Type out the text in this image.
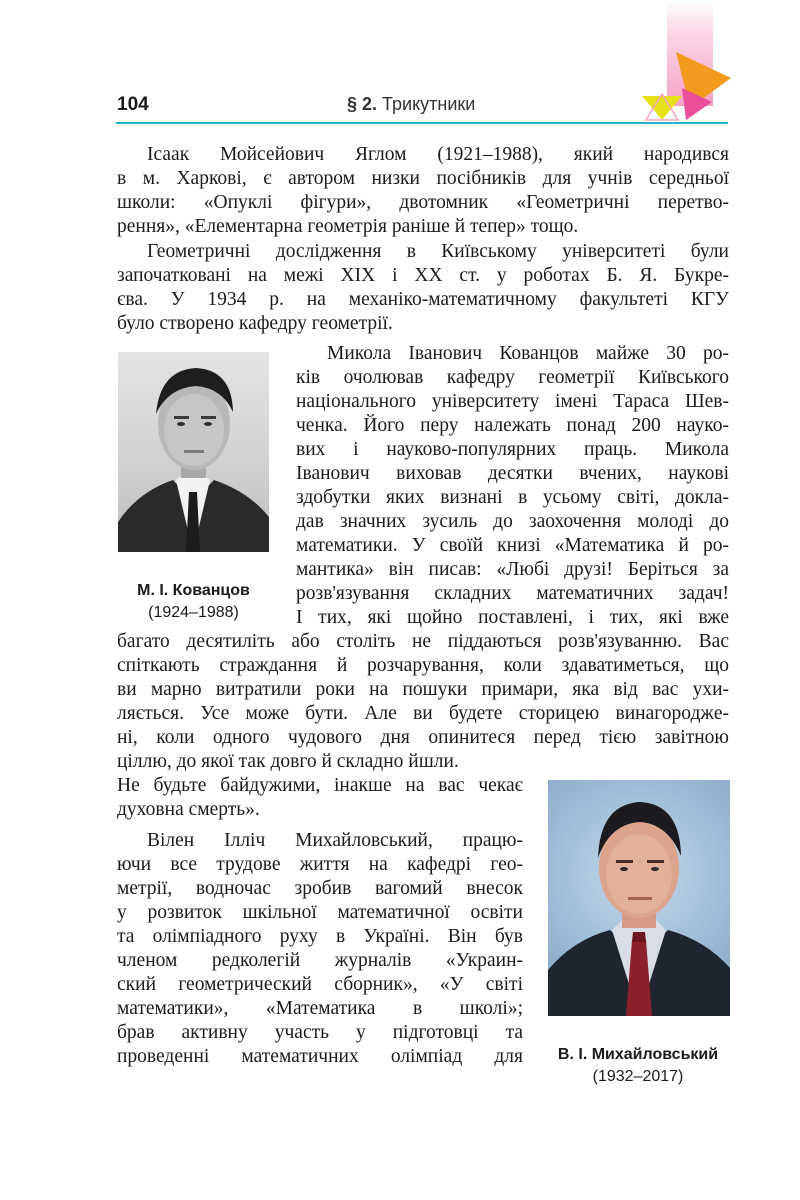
104	§ 2. Трикутники
Ісаак Мойсейович Яглом (1921–1988), який народився
в м. Харкові, є автором низки посібників для учнів середньої
школи: «Опуклі фігури», двотомник «Геометричні перетво-
рення», «Елементарна геометрія раніше й тепер» тощо.
Геометричні дослідження в Київському університеті були
започатковані на межі XIX і XX ст. у роботах Б. Я. Букре-
єва. У 1934 р. на механіко-математичному факультеті КГУ
було створено кафедру геометрії.
Микола Іванович Кованцов майже 30 ро-
ків очолював кафедру геометрії Київського
національного університету імені Тараса Шев-
ченка. Його перу належать понад 200 науко-
вих і науково-популярних праць. Микола
Іванович виховав десятки вчених, наукові
здобутки яких визнані в усьому світі, доклa-
дав значних зусиль до заохочення молоді до
математики. У своїй книзі «Математика й ро-
мантика» він писав: «Любі друзі! Беріться за
розв'язування складних математичних задач!
І тих, які щойно поставлені, і тих, які вже
багато десятиліть або століть не піддаються розв'язуванню. Вас
спіткають страждання й розчарування, коли здаватиметься, що
ви марно витратили роки на пошуки примари, яка від вас ухи-
ляється. Усе може бути. Але ви будете сторицею винагороджe-
ні, коли одного чудового дня опинитеся перед тією завітною
ціллю, до якої так довго й складно йшли.
Не будьте байдужими, інакше на вас чекає
духовна смерть».
Вілен Ілліч Михайловський, працю-
ючи все трудове життя на кафедрі гео-
метрії, водночас зробив вагомий внесок
у розвиток шкільної математичної освіти
та олімпіадного руху в Україні. Він був
членом редколегій журналів «Украин-
ский геометрический сборник», «У світі
математики», «Математика в школі»;
брав активну участь у підготовці та
проведенні математичних олімпіад для
М. І. Кованцов
(1924–1988)
В. І. Михайловський
(1932–2017)
